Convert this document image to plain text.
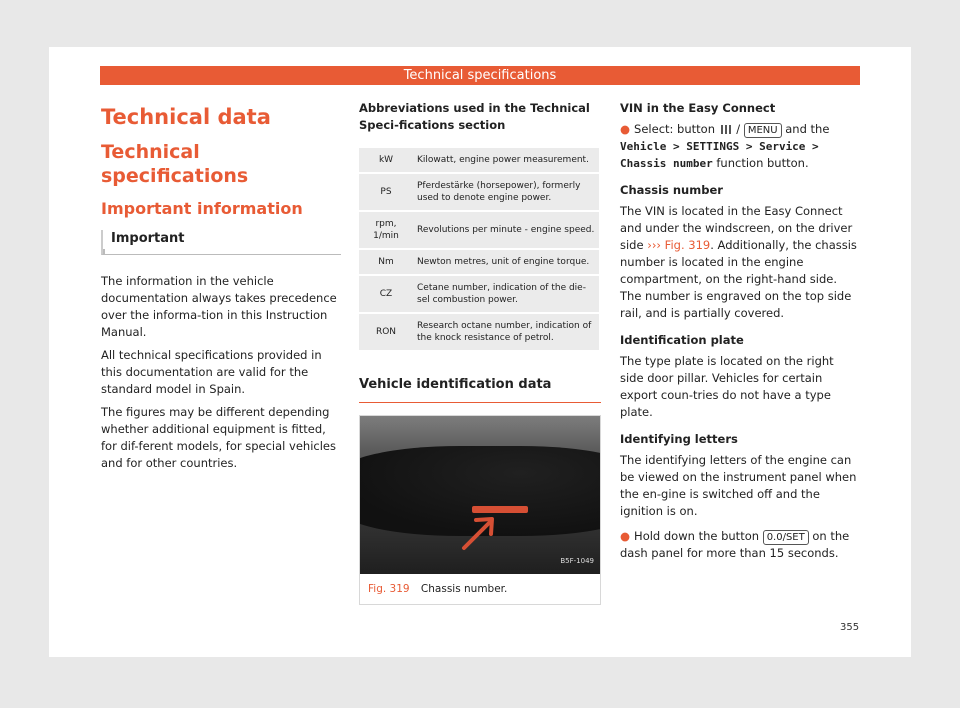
Technical specifications
Technical data
Technical specifications
Important information
Important

The information in the vehicle documentation always takes precedence over the informa-tion in this Instruction Manual.

All technical specifications provided in this documentation are valid for the standard model in Spain.

The figures may be different depending whether additional equipment is fitted, for dif-ferent models, for special vehicles and for other countries.

Abbreviations used in the Technical Speci-fications section
kW	Kilowatt, engine power measurement.
PS	Pferdestärke (horsepower), formerly used to denote engine power.
rpm, 1/min	Revolutions per minute - engine speed.
Nm	Newton metres, unit of engine torque.
CZ	Cetane number, indication of the die-sel combustion power.
RON	Research octane number, indication of the knock resistance of petrol.
Vehicle identification data
B5F-1049
Fig. 319 Chassis number.
VIN in the Easy Connect

● Select: button  / MENU and the Vehicle > SETTINGS > Service > Chassis number function button.

Chassis number

The VIN is located in the Easy Connect and under the windscreen, on the driver side ››› Fig. 319. Additionally, the chassis number is located in the engine compartment, on the right-hand side. The number is engraved on the top side rail, and is partially covered.

Identification plate

The type plate is located on the right side door pillar. Vehicles for certain export coun-tries do not have a type plate.

Identifying letters

The identifying letters of the engine can be viewed on the instrument panel when the en-gine is switched off and the ignition is on.

● Hold down the button 0.0/SET on the dash panel for more than 15 seconds.

355
